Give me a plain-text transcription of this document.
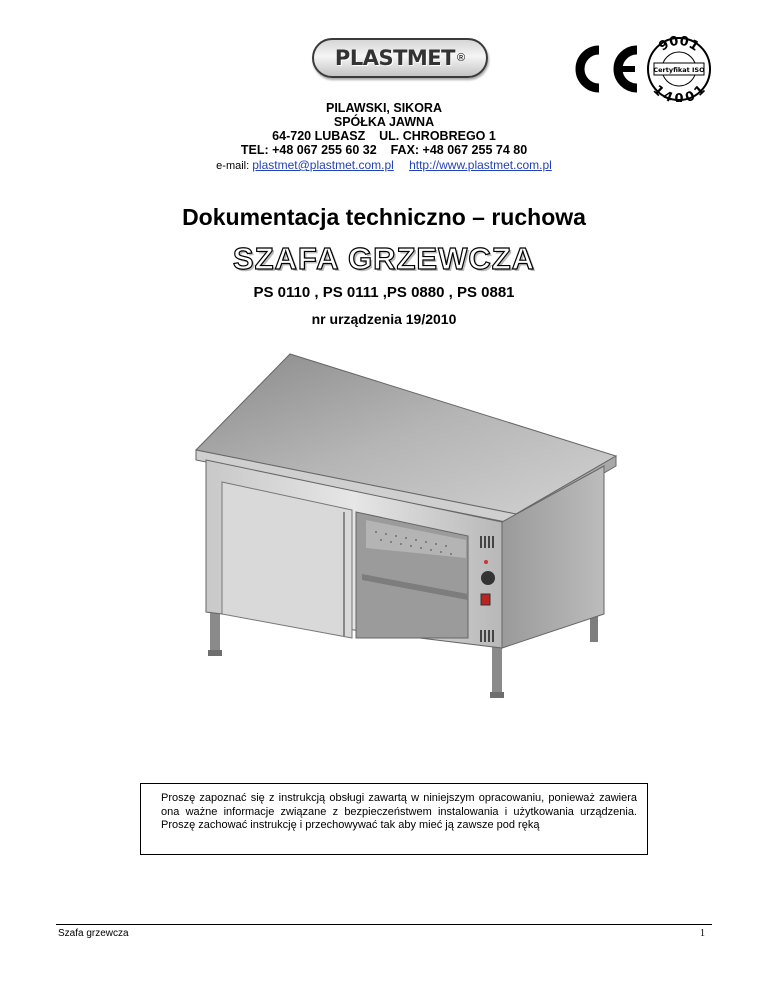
PLASTMET ®
9001
14001
Certyfikat ISO
PILAWSKI, SIKORA
SPÓŁKA JAWNA
64-720 LUBASZ    UL. CHROBREGO 1
TEL: +48 067 255 60 32    FAX: +48 067 255 74 80
e-mail: plastmet@plastmet.com.pl http://www.plastmet.com.pl
Dokumentacja techniczno – ruchowa
SZAFA GRZEWCZA
PS 0110 , PS 0111 ,PS 0880 , PS 0881
nr urządzenia 19/2010
Proszę zapoznać się z instrukcją obsługi zawartą w niniejszym opracowaniu, ponieważ zawiera ona ważne informacje związane z bezpieczeństwem instalowania i użytkowania urządzenia. Proszę zachować instrukcję i przechowywać tak aby mieć ją zawsze pod ręką
Szafa grzewcza	1
